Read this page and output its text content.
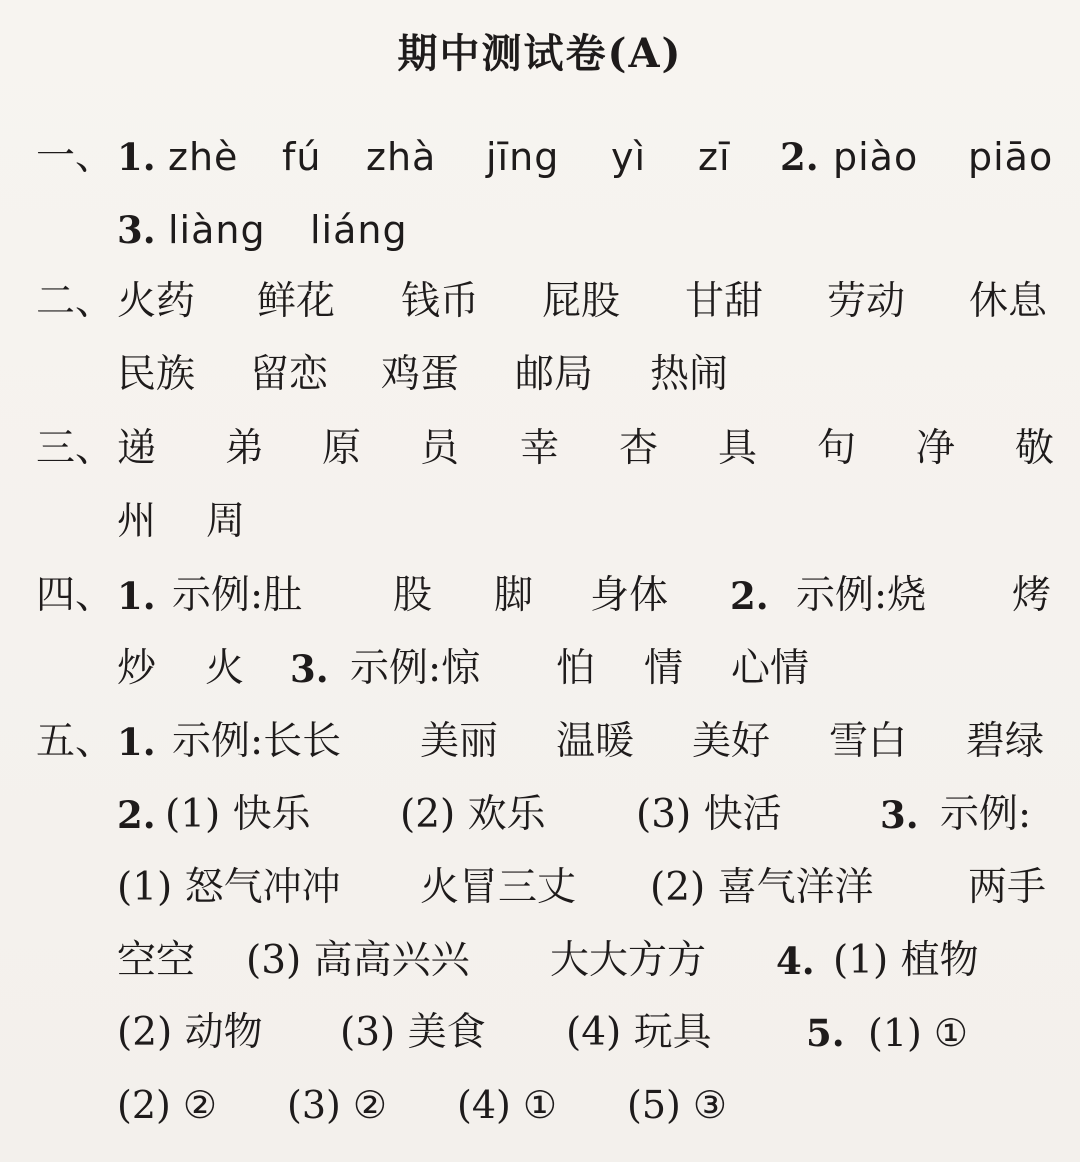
期中测试卷(A)
一、 1. zhè fú zhà jīng yì zī 2. piào piāo
3. liàng liáng
二、 火药 鲜花 钱币 屁股 甘甜 劳动 休息
民族 留恋 鸡蛋 邮局 热闹
三、 递 弟 原 员 幸 杏 具 句 净 敬
州 周
四、 1. 示例:肚 股 脚 身体 2. 示例:烧 烤
炒 火 3. 示例:惊 怕 情 心情
五、 1. 示例:长长 美丽 温暖 美好 雪白 碧绿
2. (1) 快乐 (2) 欢乐 (3) 快活	3. 示例:
(1) 怒气冲冲 火冒三丈 (2) 喜气洋洋 两手
空空 (3) 高高兴兴 大大方方 4. (1) 植物
(2) 动物 (3) 美食 (4) 玩具	5. (1) ①
(2) ② (3) ② (4) ① (5) ③
